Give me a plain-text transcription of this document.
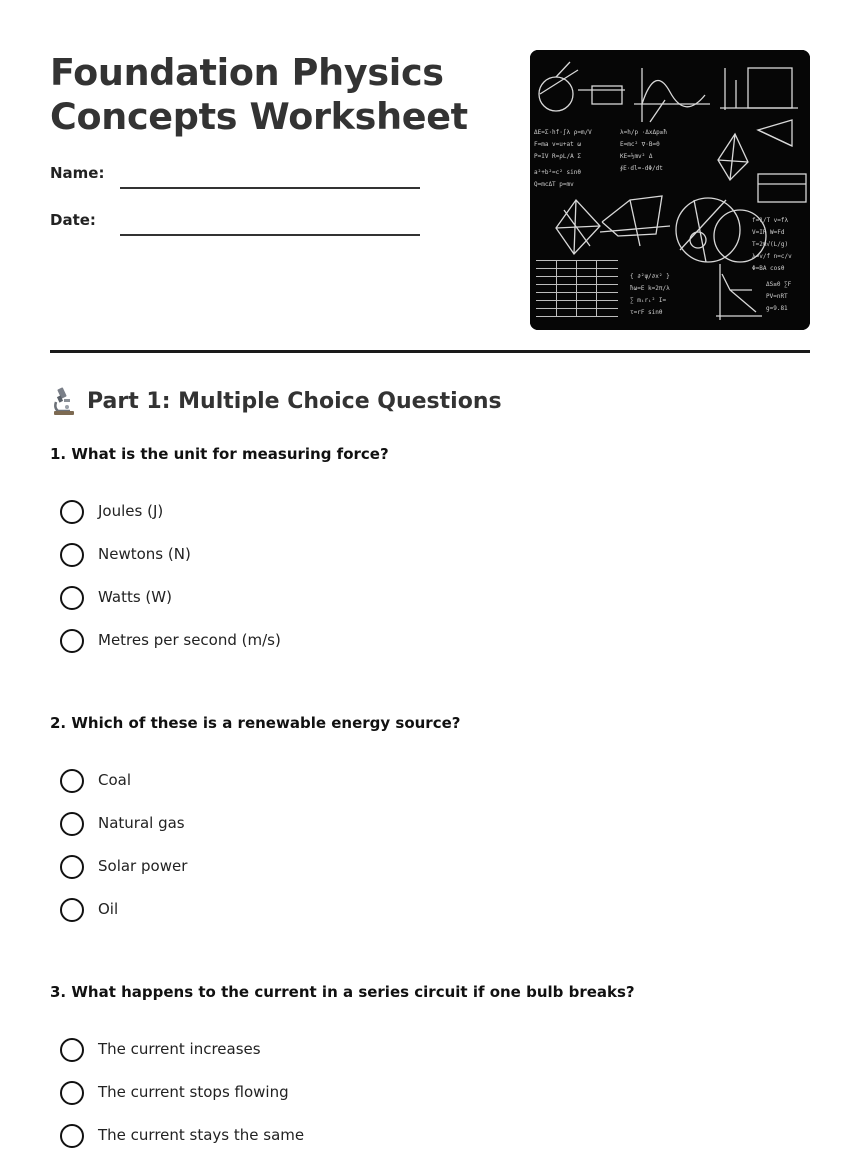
Foundation Physics
Concepts Worksheet
Name:
Date:
ΔE=Σ·hf·∫λ ρ=m/V
F=ma v=u+at ω
P=IV R=ρL/A Σ
λ=h/p ·ΔxΔp≥ħ
E=mc² ∇·B=0
KE=½mv² Δ
∮E·dl=-dΦ/dt
a²+b²=c² sinθ
Q=mcΔT p=mv
f=1/T v=fλ
V=IR W=Fd
T=2π√(L/g)
λ=v/f n=c/v
Φ=BA cosθ
ΔS≥0 ∑F
PV=nRT
g=9.81
{ ∂²ψ/∂x² }
ħω=E k=2π/λ
∑ mᵢrᵢ² I=
τ=rF sinθ
Part 1: Multiple Choice Questions

1. What is the unit for measuring force?

Joules (J)
Newtons (N)
Watts (W)
Metres per second (m/s)

2. Which of these is a renewable energy source?

Coal
Natural gas
Solar power
Oil

3. What happens to the current in a series circuit if one bulb breaks?

The current increases
The current stops flowing
The current stays the same
